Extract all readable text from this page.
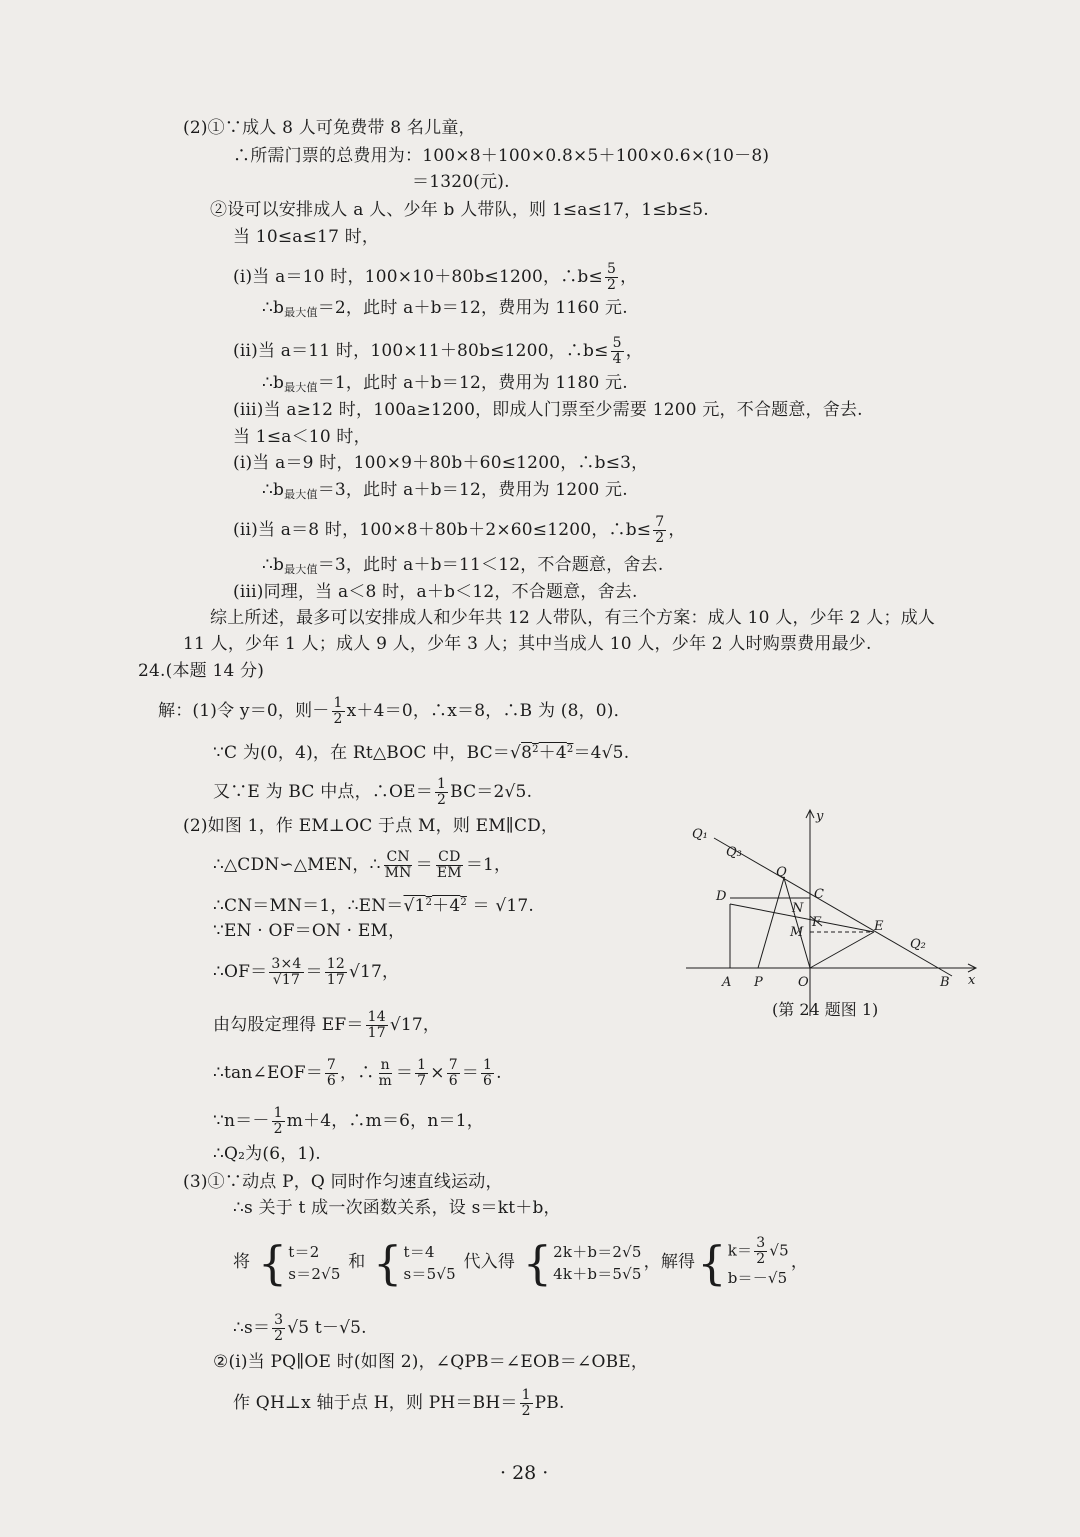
(2)①∵成人 8 人可免费带 8 名儿童，
∴所需门票的总费用为：100×8＋100×0.8×5＋100×0.6×(10－8)
＝1320(元).
②设可以安排成人 a 人、少年 b 人带队，则 1≤a≤17，1≤b≤5.
当 10≤a≤17 时，
(i)当 a＝10 时，100×10＋80b≤1200，∴b≤ $\frac{5}{2}$ ，
$\therefore b_{最大值}=2$，此时 a＋b＝12，费用为 1160 元.
(ii)当 a＝11 时，100×11＋80b≤1200，∴b≤ $\frac{5}{4}$ ，
$\therefore b_{最大值}=1$，此时 a＋b＝12，费用为 1180 元.
(iii)当 a≥12 时，100a≥1200，即成人门票至少需要 1200 元，不合题意，舍去.
当 1≤a＜10 时，
(i)当 a＝9 时，100×9＋80b＋60≤1200，∴b≤3，
$\therefore b_{最大值}=3$，此时 a＋b＝12，费用为 1200 元.
(ii)当 a＝8 时，100×8＋80b＋2×60≤1200，∴b≤ $\frac{7}{2}$ ，
$\therefore b_{最大值}=3$，此时 a＋b＝11＜12，不合题意，舍去.
(iii)同理，当 a＜8 时，a＋b＜12，不合题意，舍去.
综上所述，最多可以安排成人和少年共 12 人带队，有三个方案：成人 10 人，少年 2 人；成人
11 人，少年 1 人；成人 9 人，少年 3 人；其中当成人 10 人，少年 2 人时购票费用最少.
24.(本题 14 分)
解：(1)令 y＝0，则－ $\frac{1}{2} x+4=0$，∴x＝8，∴B 为 (8，0)．
∵C 为(0，4)，在 Rt△BOC 中，$BC=√8^2+4^2=4√5$.
又∵E 为 BC 中点，∴OE＝ $\frac{1}{2} BC=2√5$.
(2)如图 1，作 EM⊥OC 于点 M，则 EM∥CD，
∴△CDN∽△MEN，∴ $\frac{CN}{MN} = \frac{CD}{EM} =1$，
∴CN＝MN＝1，$\therefore EN=√1^2+4^2 = √17$.
∵EN · OF＝ON · EM，
∴OF＝ $\frac{3\times 4}{√17} = \frac{12}{17} √17$，
由勾股定理得 $EF= \frac{14}{17} √17$，
∴tan∠EOF＝ $\frac{7}{6}$ ，∴ $\frac{n}{m} = \frac{1}{7} \times \frac{7}{6} = \frac{1}{6}$ .
∵n＝－ $\frac{1}{2} m+4$，∴m＝6，n＝1，
∴Q₂为(6，1).
(3)①∵动点 P，Q 同时作匀速直线运动，
∴s 关于 t 成一次函数关系，设 s＝kt＋b，
将 { t＝2
s＝2√5
和 { t＝4
s＝5√5
代入得 { 2k＋b＝2√5
4k＋b＝5√5
，解得 { $k= \frac{3}{2} √5$
b＝－√5
，
∴s＝ $\frac{3}{2} √5$ t－√5.
②(i)当 PQ∥OE 时(如图 2)，∠QPB＝∠EOB＝∠OBE，
作 QH⊥x 轴于点 H，则 $PH=BH= \frac{1}{2}$ PB.
y
x
Q₁
Q₃
Q
D	C
N
F
M	E
Q₂
A P	O	B
(第 24 题图 1)
· 28 ·
